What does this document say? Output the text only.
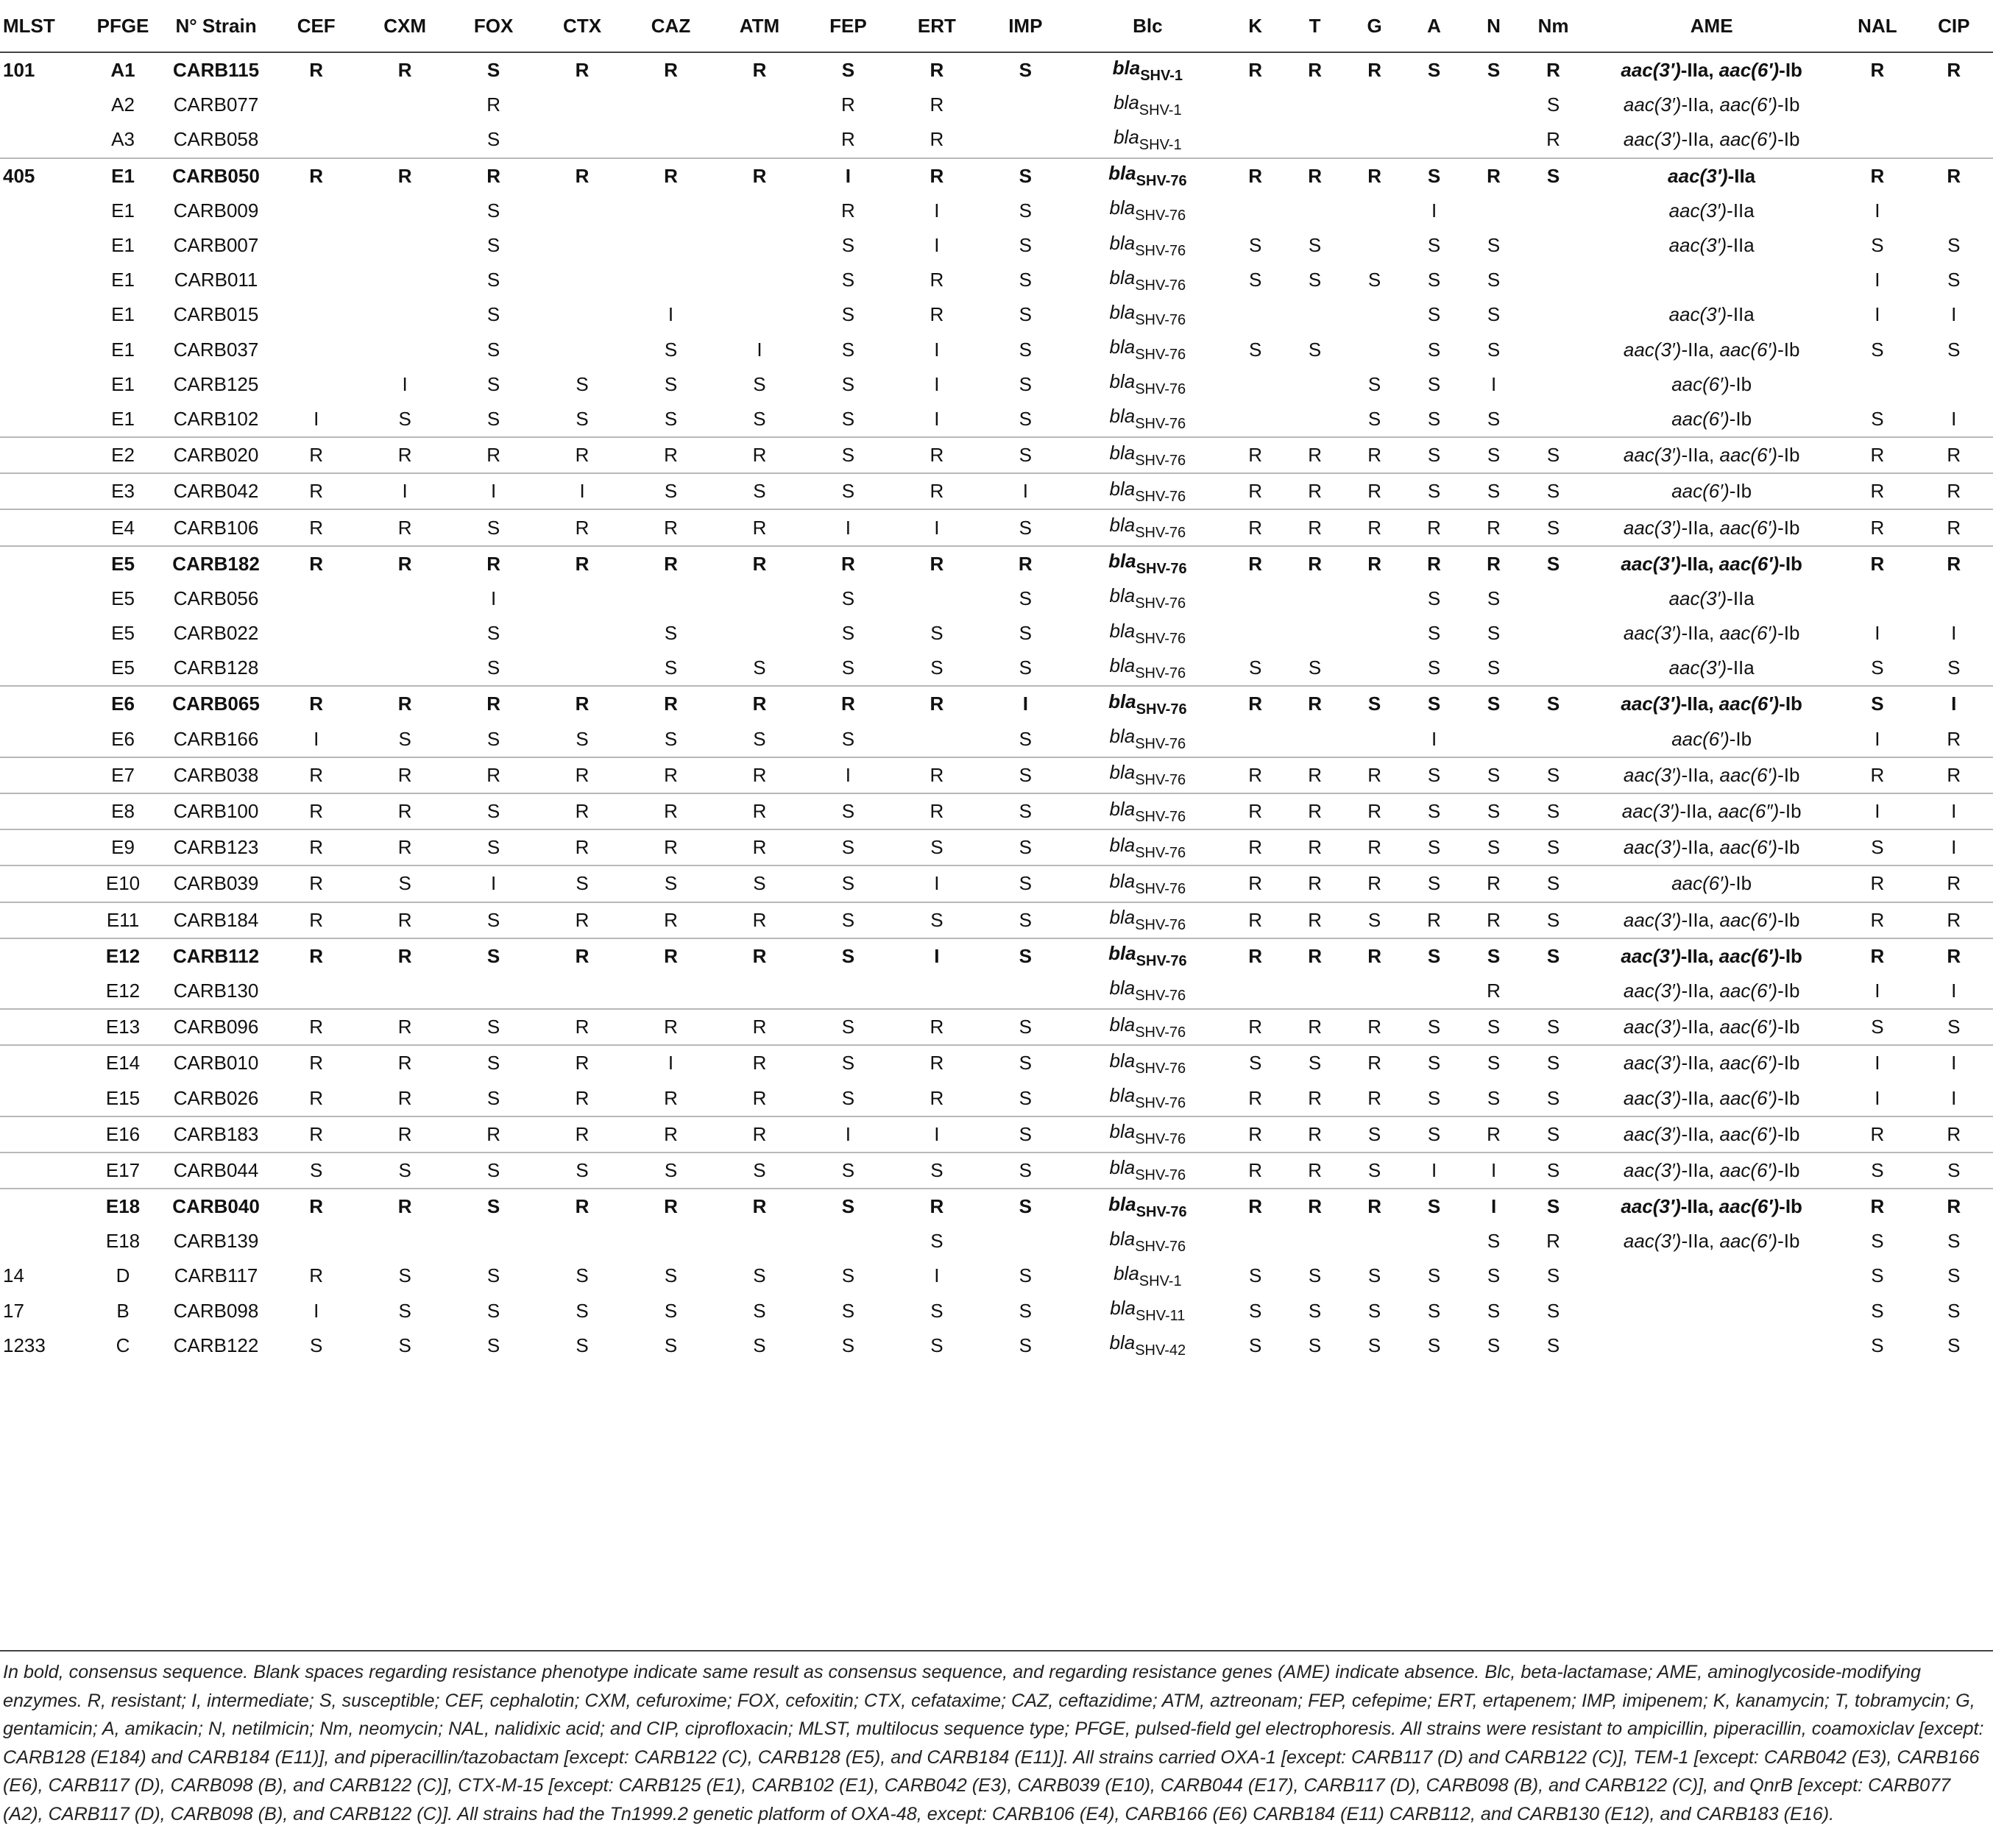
MLST	PFGE	N° Strain	CEF	CXM	FOX	CTX	CAZ	ATM	FEP	ERT	IMP	Blc	K	T	G	A	N	Nm	AME	NAL	CIP
101	A1	CARB115	R	R	S	R	R	R	S	R	S	bla$_{SHV-1}$	R	R	R	S	S	R	aac(3′)-IIa, aac(6′)-Ib	R	R
	A2	CARB077			R				R	R		bla$_{SHV-1}$						S	aac(3′)-IIa, aac(6′)-Ib		
	A3	CARB058			S				R	R		bla$_{SHV-1}$						R	aac(3′)-IIa, aac(6′)-Ib		
405	E1	CARB050	R	R	R	R	R	R	I	R	S	bla$_{SHV-76}$	R	R	R	S	R	S	aac(3′)-IIa	R	R
	E1	CARB009			S				R	I	S	bla$_{SHV-76}$				I			aac(3′)-IIa	I	
	E1	CARB007			S				S	I	S	bla$_{SHV-76}$	S	S		S	S		aac(3′)-IIa	S	S
	E1	CARB011			S				S	R	S	bla$_{SHV-76}$	S	S	S	S	S			I	S
	E1	CARB015			S		I		S	R	S	bla$_{SHV-76}$				S	S		aac(3′)-IIa	I	I
	E1	CARB037			S		S	I	S	I	S	bla$_{SHV-76}$	S	S		S	S		aac(3′)-IIa, aac(6′)-Ib	S	S
	E1	CARB125		I	S	S	S	S	S	I	S	bla$_{SHV-76}$			S	S	I		aac(6′)-Ib		
	E1	CARB102	I	S	S	S	S	S	S	I	S	bla$_{SHV-76}$			S	S	S		aac(6′)-Ib	S	I
	E2	CARB020	R	R	R	R	R	R	S	R	S	bla$_{SHV-76}$	R	R	R	S	S	S	aac(3′)-IIa, aac(6′)-Ib	R	R
	E3	CARB042	R	I	I	I	S	S	S	R	I	bla$_{SHV-76}$	R	R	R	S	S	S	aac(6′)-Ib	R	R
	E4	CARB106	R	R	S	R	R	R	I	I	S	bla$_{SHV-76}$	R	R	R	R	R	S	aac(3′)-IIa, aac(6′)-Ib	R	R
	E5	CARB182	R	R	R	R	R	R	R	R	R	bla$_{SHV-76}$	R	R	R	R	R	S	aac(3′)-IIa, aac(6′)-Ib	R	R
	E5	CARB056			I				S		S	bla$_{SHV-76}$				S	S		aac(3′)-IIa		
	E5	CARB022			S		S		S	S	S	bla$_{SHV-76}$				S	S		aac(3′)-IIa, aac(6′)-Ib	I	I
	E5	CARB128			S		S	S	S	S	S	bla$_{SHV-76}$	S	S		S	S		aac(3′)-IIa	S	S
	E6	CARB065	R	R	R	R	R	R	R	R	I	bla$_{SHV-76}$	R	R	S	S	S	S	aac(3′)-IIa, aac(6′)-Ib	S	I
	E6	CARB166	I	S	S	S	S	S	S		S	bla$_{SHV-76}$				I			aac(6′)-Ib	I	R
	E7	CARB038	R	R	R	R	R	R	I	R	S	bla$_{SHV-76}$	R	R	R	S	S	S	aac(3′)-IIa, aac(6′)-Ib	R	R
	E8	CARB100	R	R	S	R	R	R	S	R	S	bla$_{SHV-76}$	R	R	R	S	S	S	aac(3′)-IIa, aac(6″)-Ib	I	I
	E9	CARB123	R	R	S	R	R	R	S	S	S	bla$_{SHV-76}$	R	R	R	S	S	S	aac(3′)-IIa, aac(6′)-Ib	S	I
	E10	CARB039	R	S	I	S	S	S	S	I	S	bla$_{SHV-76}$	R	R	R	S	R	S	aac(6′)-Ib	R	R
	E11	CARB184	R	R	S	R	R	R	S	S	S	bla$_{SHV-76}$	R	R	S	R	R	S	aac(3′)-IIa, aac(6′)-Ib	R	R
	E12	CARB112	R	R	S	R	R	R	S	I	S	bla$_{SHV-76}$	R	R	R	S	S	S	aac(3′)-IIa, aac(6′)-Ib	R	R
	E12	CARB130										bla$_{SHV-76}$					R		aac(3′)-IIa, aac(6′)-Ib	I	I
	E13	CARB096	R	R	S	R	R	R	S	R	S	bla$_{SHV-76}$	R	R	R	S	S	S	aac(3′)-IIa, aac(6′)-Ib	S	S
	E14	CARB010	R	R	S	R	I	R	S	R	S	bla$_{SHV-76}$	S	S	R	S	S	S	aac(3′)-IIa, aac(6′)-Ib	I	I
	E15	CARB026	R	R	S	R	R	R	S	R	S	bla$_{SHV-76}$	R	R	R	S	S	S	aac(3′)-IIa, aac(6′)-Ib	I	I
	E16	CARB183	R	R	R	R	R	R	I	I	S	bla$_{SHV-76}$	R	R	S	S	R	S	aac(3′)-IIa, aac(6′)-Ib	R	R
	E17	CARB044	S	S	S	S	S	S	S	S	S	bla$_{SHV-76}$	R	R	S	I	I	S	aac(3′)-IIa, aac(6′)-Ib	S	S
	E18	CARB040	R	R	S	R	R	R	S	R	S	bla$_{SHV-76}$	R	R	R	S	I	S	aac(3′)-IIa, aac(6′)-Ib	R	R
	E18	CARB139								S		bla$_{SHV-76}$					S	R	aac(3′)-IIa, aac(6′)-Ib	S	S
14	D	CARB117	R	S	S	S	S	S	S	I	S	bla$_{SHV-1}$	S	S	S	S	S	S		S	S
17	B	CARB098	I	S	S	S	S	S	S	S	S	bla$_{SHV-11}$	S	S	S	S	S	S		S	S
1233	C	CARB122	S	S	S	S	S	S	S	S	S	bla$_{SHV-42}$	S	S	S	S	S	S		S	S
In bold, consensus sequence. Blank spaces regarding resistance phenotype indicate same result as consensus sequence, and regarding resistance genes (AME) indicate absence. Blc, beta-lactamase; AME, aminoglycoside-modifying enzymes. R, resistant; I, intermediate; S, susceptible; CEF, cephalotin; CXM, cefuroxime; FOX, cefoxitin; CTX, cefataxime; CAZ, ceftazidime; ATM, aztreonam; FEP, cefepime; ERT, ertapenem; IMP, imipenem; K, kanamycin; T, tobramycin; G, gentamicin; A, amikacin; N, netilmicin; Nm, neomycin; NAL, nalidixic acid; and CIP, ciprofloxacin; MLST, multilocus sequence type; PFGE, pulsed-field gel electrophoresis. All strains were resistant to ampicillin, piperacillin, coamoxiclav [except: CARB128 (E184) and CARB184 (E11)], and piperacillin/tazobactam [except: CARB122 (C), CARB128 (E5), and CARB184 (E11)]. All strains carried OXA-1 [except: CARB117 (D) and CARB122 (C)], TEM-1 [except: CARB042 (E3), CARB166 (E6), CARB117 (D), CARB098 (B), and CARB122 (C)], CTX-M-15 [except: CARB125 (E1), CARB102 (E1), CARB042 (E3), CARB039 (E10), CARB044 (E17), CARB117 (D), CARB098 (B), and CARB122 (C)], and QnrB [except: CARB077 (A2), CARB117 (D), CARB098 (B), and CARB122 (C)]. All strains had the Tn1999.2 genetic platform of OXA-48, except: CARB106 (E4), CARB166 (E6) CARB184 (E11) CARB112, and CARB130 (E12), and CARB183 (E16).
